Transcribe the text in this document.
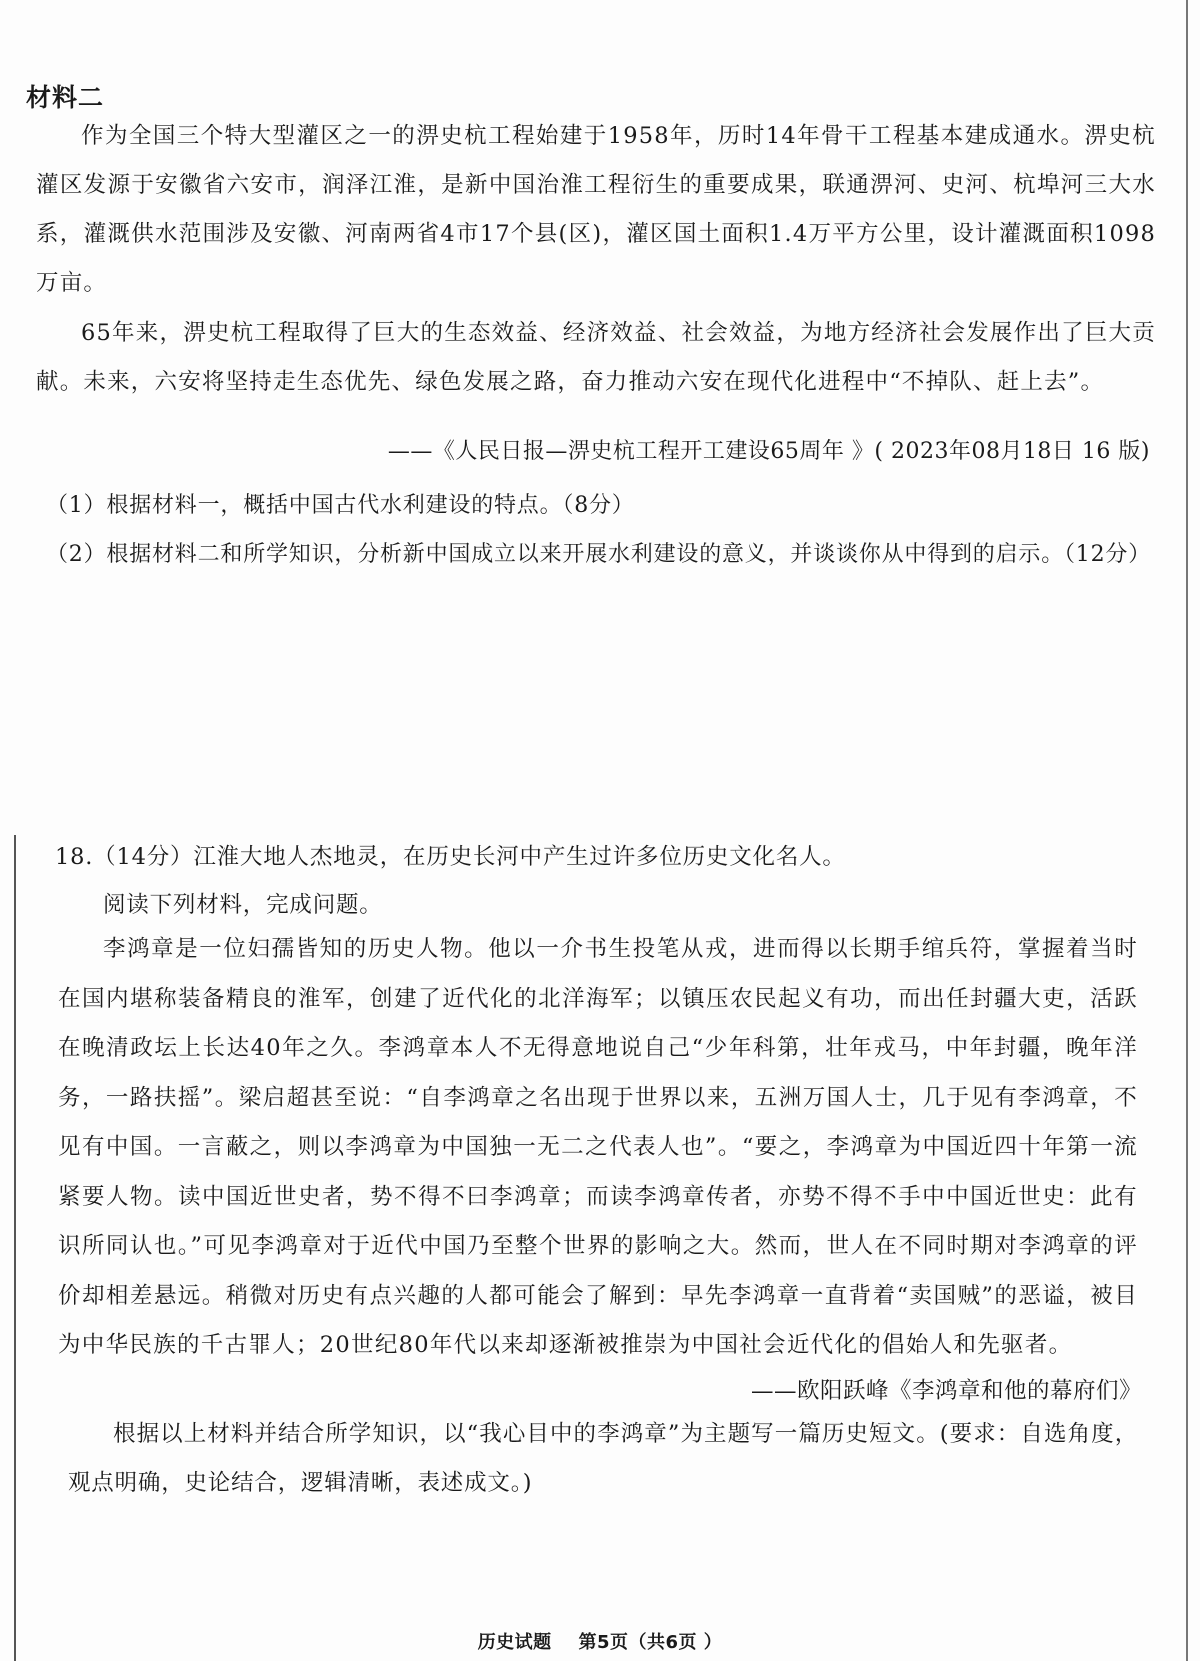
材料二

作为全国三个特大型灌区之一的淠史杭工程始建于1958年，历时14年骨干工程基本建成通水。淠史杭灌区发源于安徽省六安市，润泽江淮，是新中国治淮工程衍生的重要成果，联通淠河、史河、杭埠河三大水系，灌溉供水范围涉及安徽、河南两省4市17个县(区)，灌区国土面积1.4万平方公里，设计灌溉面积1098万亩。

65年来，淠史杭工程取得了巨大的生态效益、经济效益、社会效益，为地方经济社会发展作出了巨大贡献。未来，六安将坚持走生态优先、绿色发展之路，奋力推动六安在现代化进程中“不掉队、赶上去”。

——《人民日报—淠史杭工程开工建设65周年 》( 2023年08月18日 16 版)

（1）根据材料一，概括中国古代水利建设的特点。（8分）

（2）根据材料二和所学知识，分析新中国成立以来开展水利建设的意义，并谈谈你从中得到的启示。（12分）

18.（14分）江淮大地人杰地灵，在历史长河中产生过许多位历史文化名人。
阅读下列材料，完成问题。

李鸿章是一位妇孺皆知的历史人物。他以一介书生投笔从戎，进而得以长期手绾兵符，掌握着当时在国内堪称装备精良的淮军，创建了近代化的北洋海军；以镇压农民起义有功，而出任封疆大吏，活跃在晚清政坛上长达40年之久。李鸿章本人不无得意地说自己“少年科第，壮年戎马，中年封疆，晚年洋务，一路扶摇”。梁启超甚至说：“自李鸿章之名出现于世界以来，五洲万国人士，几于见有李鸿章，不见有中国。一言蔽之，则以李鸿章为中国独一无二之代表人也”。“要之，李鸿章为中国近四十年第一流紧要人物。读中国近世史者，势不得不曰李鸿章；而读李鸿章传者，亦势不得不手中中国近世史：此有识所同认也。”可见李鸿章对于近代中国乃至整个世界的影响之大。然而，世人在不同时期对李鸿章的评价却相差悬远。稍微对历史有点兴趣的人都可能会了解到：早先李鸿章一直背着“卖国贼”的恶谥，被目为中华民族的千古罪人；20世纪80年代以来却逐渐被推崇为中国社会近代化的倡始人和先驱者。

——欧阳跃峰《李鸿章和他的幕府们》

根据以上材料并结合所学知识，以“我心目中的李鸿章”为主题写一篇历史短文。(要求：自选角度，观点明确，史论结合，逻辑清晰，表述成文。)

历史试题 第5页（共6页 ）
